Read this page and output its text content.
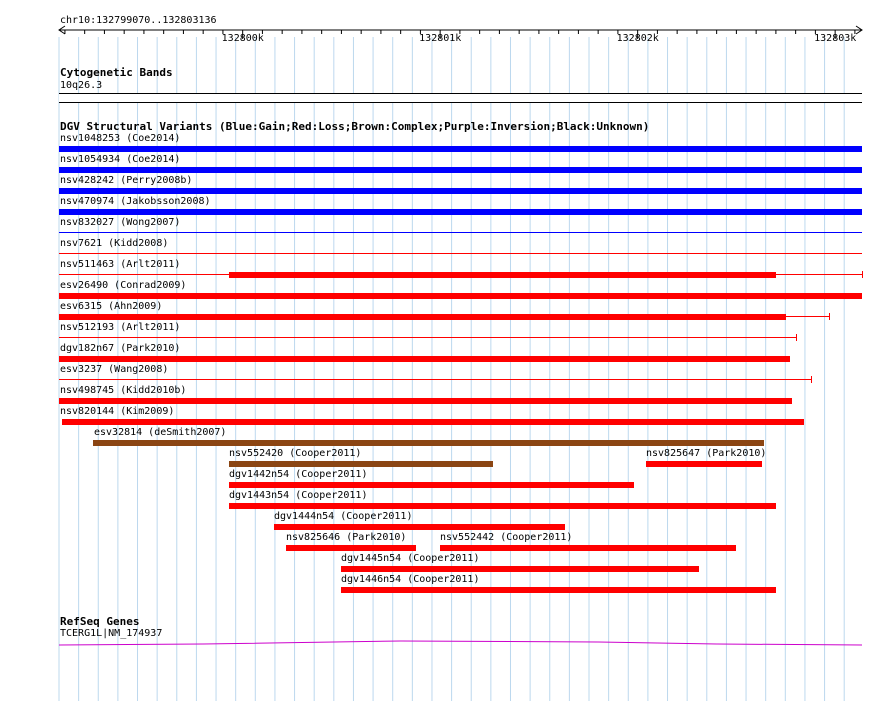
chr10:132799070..132803136
Cytogenetic Bands
10q26.3
DGV Structural Variants (Blue:Gain;Red:Loss;Brown:Complex;Purple:Inversion;Black:Unknown)
nsv1048253 (Coe2014)
nsv1054934 (Coe2014)
nsv428242 (Perry2008b)
nsv470974 (Jakobsson2008)
nsv832027 (Wong2007)
nsv7621 (Kidd2008)
nsv511463 (Arlt2011)
esv26490 (Conrad2009)
esv6315 (Ahn2009)
nsv512193 (Arlt2011)
dgv182n67 (Park2010)
esv3237 (Wang2008)
nsv498745 (Kidd2010b)
nsv820144 (Kim2009)
esv32814 (deSmith2007)
nsv552420 (Cooper2011)	nsv825647 (Park2010)
dgv1442n54 (Cooper2011)
dgv1443n54 (Cooper2011)
dgv1444n54 (Cooper2011)
nsv825646 (Park2010)	nsv552442 (Cooper2011)
dgv1445n54 (Cooper2011)
dgv1446n54 (Cooper2011)
RefSeq Genes
TCERG1L|NM_174937
132800k	132801k	132802k	132803k
